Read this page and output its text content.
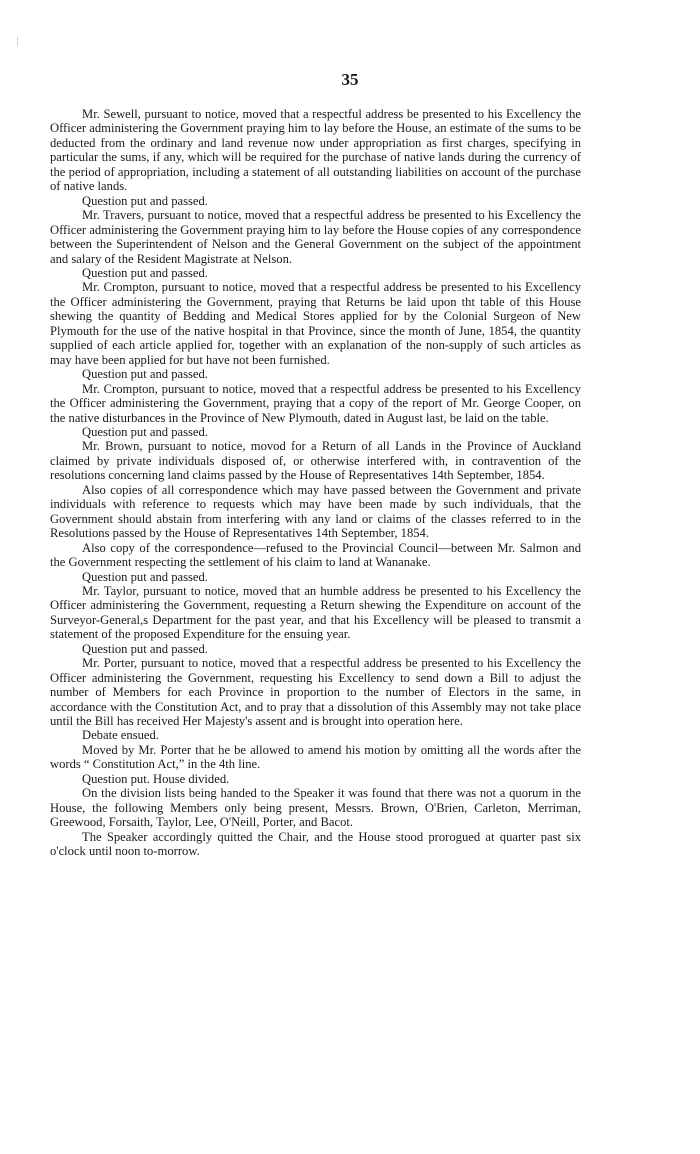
35

Mr. Sewell, pursuant to notice, moved that a respectful address be presented to his Excellency the Officer administering the Government praying him to lay before the House, an estimate of the sums to be deducted from the ordinary and land revenue now under appropriation as first charges, specifying in particular the sums, if any, which will be required for the purchase of native lands during the currency of the period of appropriation, including a statement of all outstanding liabilities on account of the purchase of native lands.

Question put and passed.

Mr. Travers, pursuant to notice, moved that a respectful address be presented to his Excellency the Officer administering the Government praying him to lay before the House copies of any correspondence between the Superintendent of Nelson and the General Government on the subject of the appointment and salary of the Resident Magistrate at Nelson.

Question put and passed.

Mr. Crompton, pursuant to notice, moved that a respectful address be presented to his Excellency the Officer administering the Government, praying that Returns be laid upon tht table of this House shewing the quantity of Bedding and Medical Stores applied for by the Colonial Surgeon of New Plymouth for the use of the native hospital in that Province, since the month of June, 1854, the quantity supplied of each article applied for, together with an explanation of the non-supply of such articles as may have been applied for but have not been furnished.

Question put and passed.

Mr. Crompton, pursuant to notice, moved that a respectful address be presented to his Excellency the Officer administering the Government, praying that a copy of the report of Mr. George Cooper, on the native disturbances in the Province of New Plymouth, dated in August last, be laid on the table.

Question put and passed.

Mr. Brown, pursuant to notice, movod for a Return of all Lands in the Province of Auckland claimed by private individuals disposed of, or otherwise interfered with, in contravention of the resolutions concerning land claims passed by the House of Representatives 14th September, 1854.

Also copies of all correspondence which may have passed between the Government and private individuals with reference to requests which may have been made by such individuals, that the Government should abstain from interfering with any land or claims of the classes referred to in the Resolutions passed by the House of Representatives 14th September, 1854.

Also copy of the correspondence—refused to the Provincial Council—between Mr. Salmon and the Government respecting the settlement of his claim to land at Wananake.

Question put and passed.

Mr. Taylor, pursuant to notice, moved that an humble address be presented to his Excellency the Officer administering the Government, requesting a Return shewing the Expenditure on account of the Surveyor-General,s Department for the past year, and that his Excellency will be pleased to transmit a statement of the proposed Expenditure for the ensuing year.

Question put and passed.

Mr. Porter, pursuant to notice, moved that a respectful address be presented to his Excellency the Officer administering the Government, requesting his Excellency to send down a Bill to adjust the number of Members for each Province in proportion to the number of Electors in the same, in accordance with the Constitution Act, and to pray that a dissolution of this Assembly may not take place until the Bill has received Her Majesty's assent and is brought into operation here.

Debate ensued.

Moved by Mr. Porter that he be allowed to amend his motion by omitting all the words after the words “ Constitution Act,” in the 4th line.

Question put. House divided.

On the division lists being handed to the Speaker it was found that there was not a quorum in the House, the following Members only being present, Messrs. Brown, O'Brien, Carleton, Merriman, Greewood, Forsaith, Taylor, Lee, O'Neill, Porter, and Bacot.

The Speaker accordingly quitted the Chair, and the House stood prorogued at quarter past six o'clock until noon to-morrow.
